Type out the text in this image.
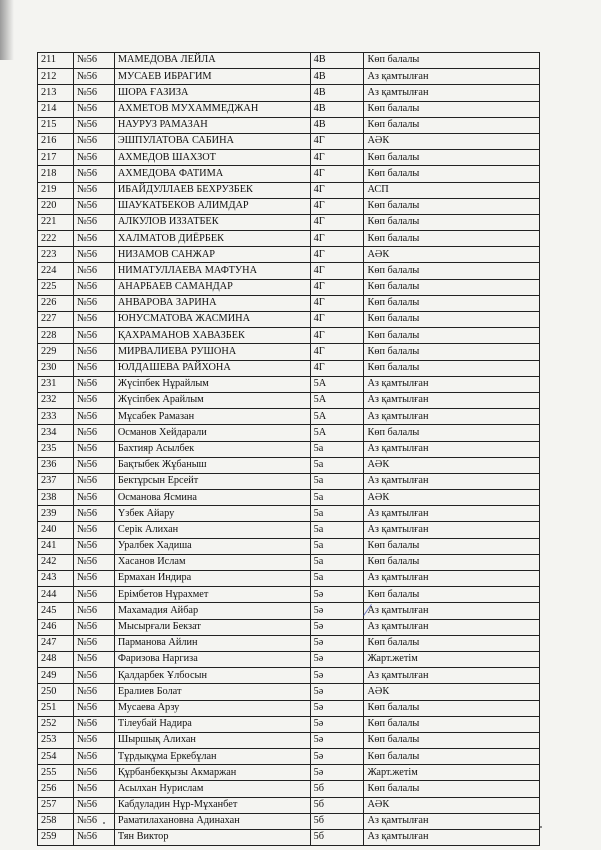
211	№56	МАМЕДОВА ЛЕЙЛА	4В	Көп балалы
212	№56	МУСАЕВ ИБРАГИМ	4В	Аз қамтылған
213	№56	ШОРА ҒАЗИЗА	4В	Аз қамтылған
214	№56	АХМЕТОВ МУХАММЕДЖАН	4В	Көп балалы
215	№56	НАУРУЗ РАМАЗАН	4В	Көп балалы
216	№56	ЭШПУЛАТОВА САБИНА	4Г	АӘК
217	№56	АХМЕДОВ ШАХЗОТ	4Г	Көп балалы
218	№56	АХМЕДОВА ФАТИМА	4Г	Көп балалы
219	№56	ИБАЙДУЛЛАЕВ БЕХРУЗБЕК	4Г	АСП
220	№56	ШАУКАТБЕКОВ АЛИМДАР	4Г	Көп балалы
221	№56	АЛКУЛОВ ИЗЗАТБЕК	4Г	Көп балалы
222	№56	ХАЛМАТОВ ДИЁРБЕК	4Г	Көп балалы
223	№56	НИЗАМОВ САНЖАР	4Г	АӘК
224	№56	НИМАТУЛЛАЕВА МАФТУНА	4Г	Көп балалы
225	№56	АНАРБАЕВ САМАНДАР	4Г	Көп балалы
226	№56	АНВАРОВА ЗАРИНА	4Г	Көп балалы
227	№56	ЮНУСМАТОВА ЖАСМИНА	4Г	Көп балалы
228	№56	ҚАХРАМАНОВ ХАВАЗБЕК	4Г	Көп балалы
229	№56	МИРВАЛИЕВА РУШОНА	4Г	Көп балалы
230	№56	ЮЛДАШЕВА РАЙХОНА	4Г	Көп балалы
231	№56	Жүсіпбек Нұрайлым	5А	Аз қамтылған
232	№56	Жүсіпбек Арайлым	5А	Аз қамтылған
233	№56	Мұсабек Рамазан	5А	Аз қамтылған
234	№56	Османов Хейдарали	5А	Көп балалы
235	№56	Бахтияр Асылбек	5а	Аз қамтылған
236	№56	Бақтыбек Жұбаныш	5а	АӘК
237	№56	Бектұрсын Ерсейт	5а	Аз қамтылған
238	№56	Османова Ясмина	5а	АӘК
239	№56	Үзбек Айару	5а	Аз қамтылған
240	№56	Серік Алихан	5а	Аз қамтылған
241	№56	Уралбек Хадиша	5а	Көп балалы
242	№56	Хасанов Ислам	5а	Көп балалы
243	№56	Ермахан Индира	5а	Аз қамтылған
244	№56	Ерімбетов Нұрахмет	5ә	Көп балалы
245	№56	Махамадия Айбар	5ә	Аз қамтылған
246	№56	Мысырғали Бекзат	5ә	Аз қамтылған
247	№56	Парманова Айлин	5ә	Көп балалы
248	№56	Фаризова Наргиза	5ә	Жарт.жетім
249	№56	Қалдарбек Ұлбосын	5ә	Аз қамтылған
250	№56	Ералиев Болат	5ә	АӘК
251	№56	Мусаева Арзу	5ә	Көп балалы
252	№56	Тілеубай Надира	5ә	Көп балалы
253	№56	Шыршық Алихан	5ә	Көп балалы
254	№56	Тұрдықұма Еркебұлан	5ә	Көп балалы
255	№56	Құрбанбекқызы Акмаржан	5ә	Жарт.жетім
256	№56	Асылхан Нурислам	5б	Көп балалы
257	№56	Кабдуладин Нұр-Мұханбет	5б	АӘК
258	№56	Раматилахановна Адинахан	5б	Аз қамтылған
259	№56	Тян Виктор	5б	Аз қамтылған
